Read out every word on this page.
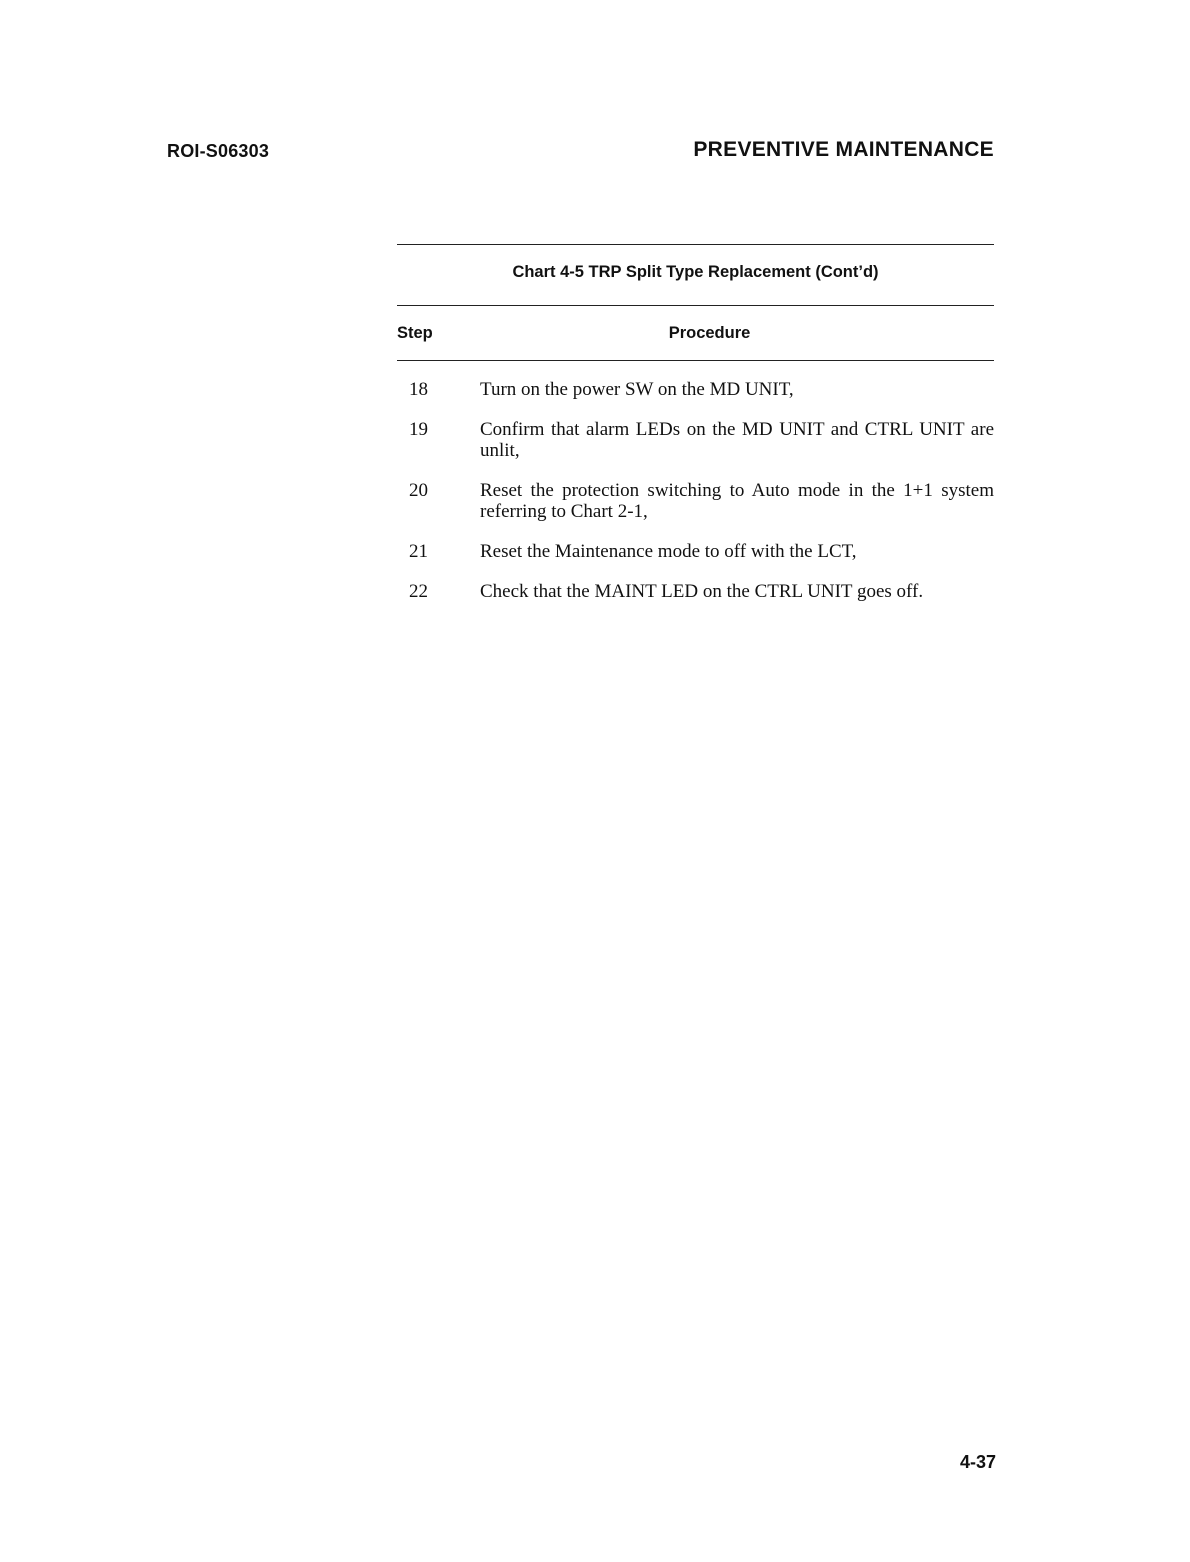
ROI-S06303	PREVENTIVE MAINTENANCE
Chart 4-5 TRP Split Type Replacement (Cont’d)
Step	Procedure
18	Turn on the power SW on the MD UNIT,
19	Confirm that alarm LEDs on the MD UNIT and CTRL UNIT are unlit,
20	Reset the protection switching to Auto mode in the 1+1 system referring to Chart 2-1,
21	Reset the Maintenance mode to off with the LCT,
22	Check that the MAINT LED on the CTRL UNIT goes off.
4-37
